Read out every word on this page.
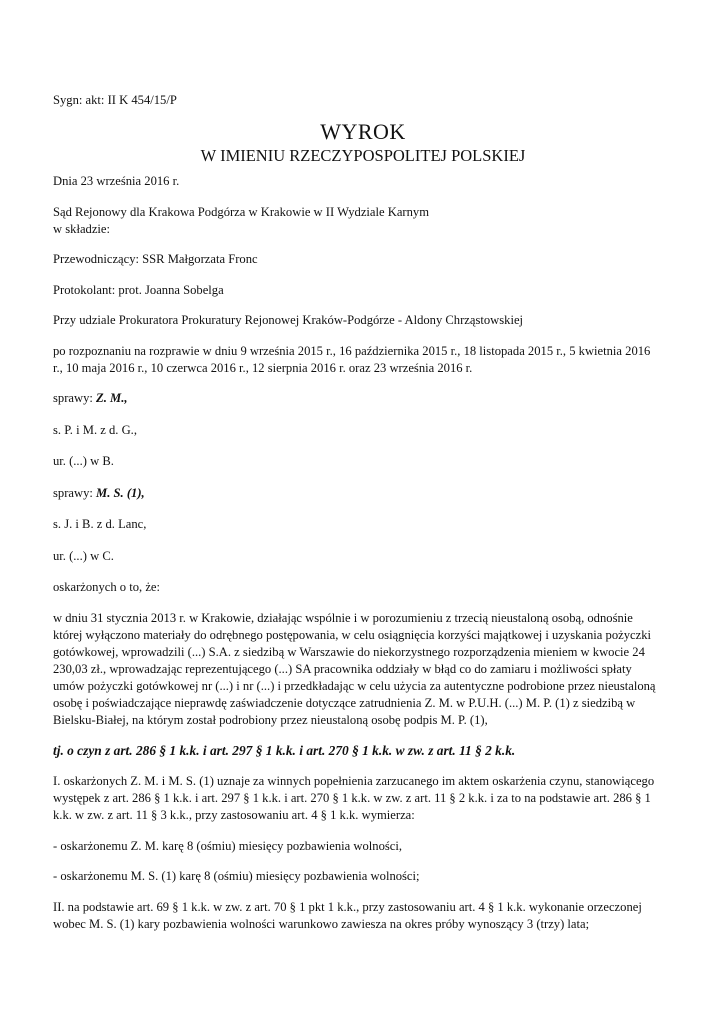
Sygn: akt: II K 454/15/P

WYROK
W IMIENIU RZECZYPOSPOLITEJ POLSKIEJ

Dnia 23 września 2016 r.

Sąd Rejonowy dla Krakowa Podgórza w Krakowie w II Wydziale Karnym

w składzie:

Przewodniczący: SSR Małgorzata Fronc

Protokolant: prot. Joanna Sobelga

Przy udziale Prokuratora Prokuratury Rejonowej Kraków-Podgórze - Aldony Chrząstowskiej

po rozpoznaniu na rozprawie w dniu 9 września 2015 r., 16 października 2015 r., 18 listopada 2015 r., 5 kwietnia 2016

r., 10 maja 2016 r., 10 czerwca 2016 r., 12 sierpnia 2016 r. oraz 23 września 2016 r.

sprawy: Z. M.,

s. P. i M. z d. G.,

ur. (...) w B.

sprawy: M. S. (1),

s. J. i B. z d. Lanc,

ur. (...) w C.

oskarżonych o to, że:

w dniu 31 stycznia 2013 r. w Krakowie, działając wspólnie i w porozumieniu z trzecią nieustaloną osobą, odnośnie

której wyłączono materiały do odrębnego postępowania, w celu osiągnięcia korzyści majątkowej i uzyskania pożyczki

gotówkowej, wprowadzili (...) S.A. z siedzibą w Warszawie do niekorzystnego rozporządzenia mieniem w kwocie 24

230,03 zł., wprowadzając reprezentującego (...) SA pracownika oddziały w błąd co do zamiaru i możliwości spłaty

umów pożyczki gotówkowej nr (...) i nr (...) i przedkładając w celu użycia za autentyczne podrobione przez nieustaloną

osobę i poświadczające nieprawdę zaświadczenie dotyczące zatrudnienia Z. M. w P.U.H. (...) M. P. (1) z siedzibą w

Bielsku-Białej, na którym został podrobiony przez nieustaloną osobę podpis M. P. (1),

tj. o czyn z art. 286 § 1 k.k. i art. 297 § 1 k.k. i art. 270 § 1 k.k. w zw. z art. 11 § 2 k.k.

I. oskarżonych Z. M. i M. S. (1) uznaje za winnych popełnienia zarzucanego im aktem oskarżenia czynu, stanowiącego

występek z art. 286 § 1 k.k. i art. 297 § 1 k.k. i art. 270 § 1 k.k. w zw. z art. 11 § 2 k.k. i za to na podstawie art. 286 § 1

k.k. w zw. z art. 11 § 3 k.k., przy zastosowaniu art. 4 § 1 k.k. wymierza:

- oskarżonemu Z. M. karę 8 (ośmiu) miesięcy pozbawienia wolności,

- oskarżonemu M. S. (1) karę 8 (ośmiu) miesięcy pozbawienia wolności;

II. na podstawie art. 69 § 1 k.k. w zw. z art. 70 § 1 pkt 1 k.k., przy zastosowaniu art. 4 § 1 k.k. wykonanie orzeczonej

wobec M. S. (1) kary pozbawienia wolności warunkowo zawiesza na okres próby wynoszący 3 (trzy) lata;
